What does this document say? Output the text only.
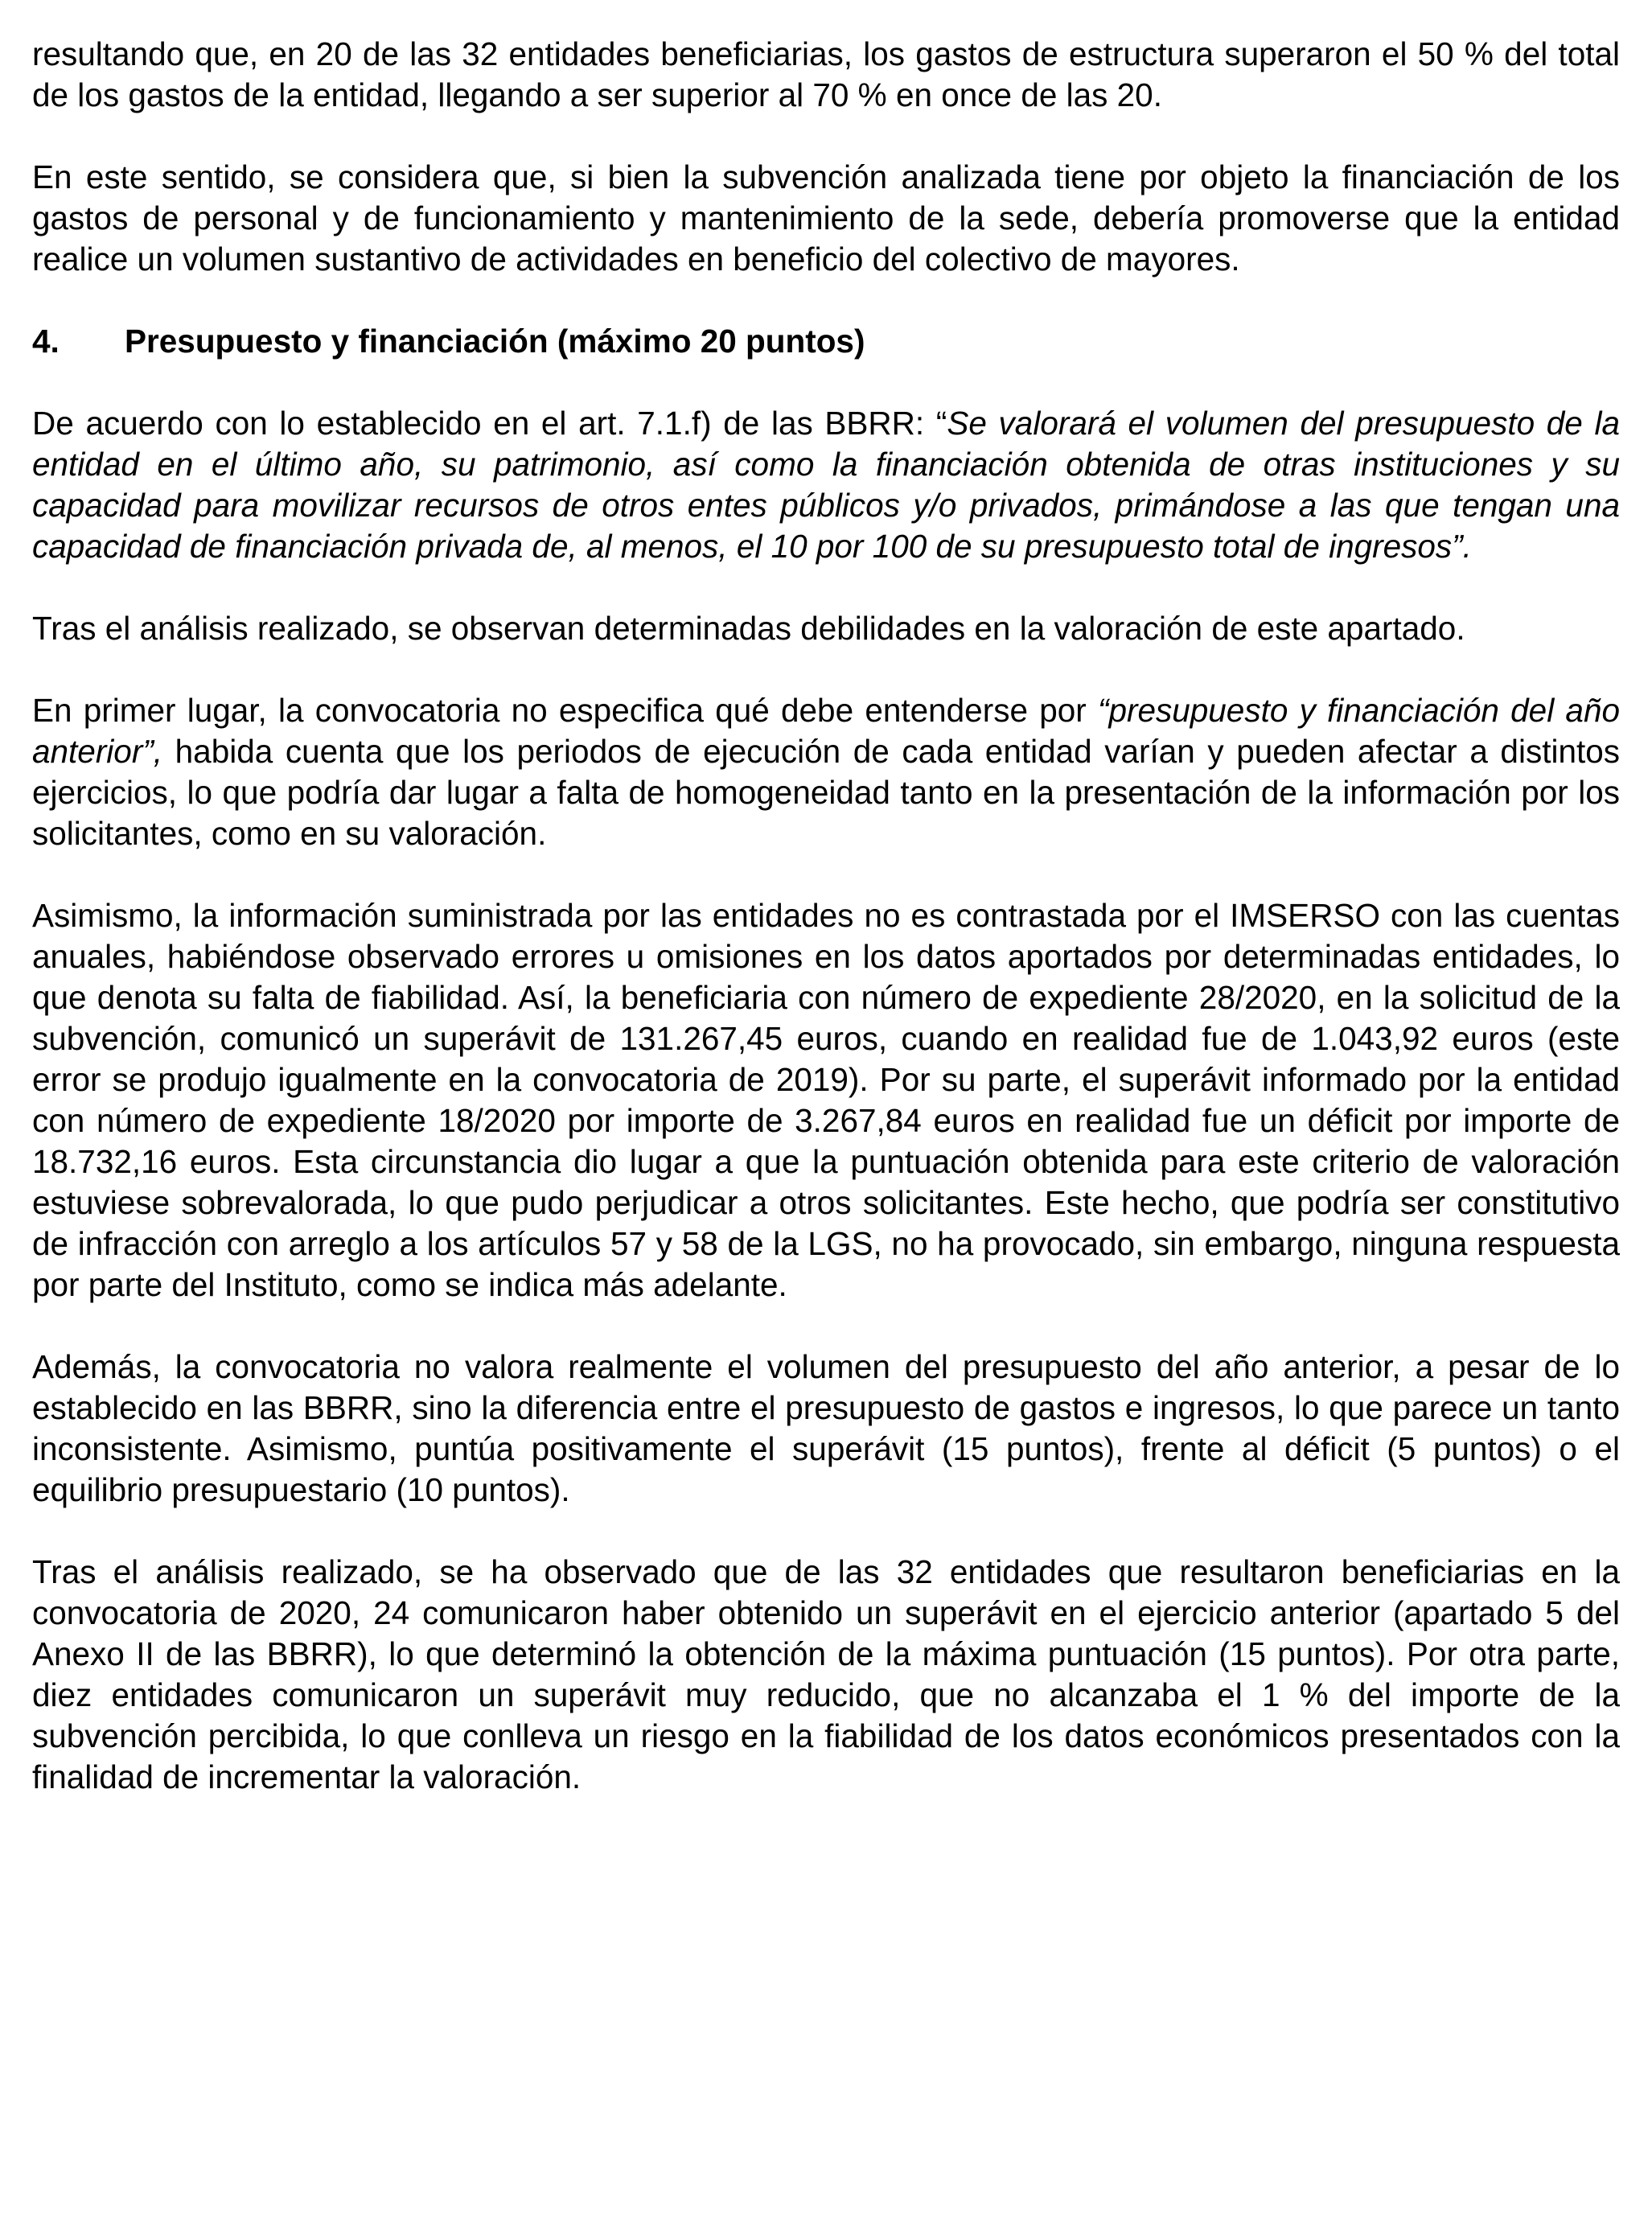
resultando que, en 20 de las 32 entidades beneficiarias, los gastos de estructura superaron el 50 % del total de los gastos de la entidad, llegando a ser superior al 70 % en once de las 20.

En este sentido, se considera que, si bien la subvención analizada tiene por objeto la financiación de los gastos de personal y de funcionamiento y mantenimiento de la sede, debería promoverse que la entidad realice un volumen sustantivo de actividades en beneficio del colectivo de mayores.

4.	Presupuesto y financiación (máximo 20 puntos)

De acuerdo con lo establecido en el art. 7.1.f) de las BBRR: “Se valorará el volumen del presupuesto de la entidad en el último año, su patrimonio, así como la financiación obtenida de otras instituciones y su capacidad para movilizar recursos de otros entes públicos y/o privados, primándose a las que tengan una capacidad de financiación privada de, al menos, el 10 por 100 de su presupuesto total de ingresos”.

Tras el análisis realizado, se observan determinadas debilidades en la valoración de este apartado.

En primer lugar, la convocatoria no especifica qué debe entenderse por “presupuesto y financiación del año anterior”, habida cuenta que los periodos de ejecución de cada entidad varían y pueden afectar a distintos ejercicios, lo que podría dar lugar a falta de homogeneidad tanto en la presentación de la información por los solicitantes, como en su valoración.

Asimismo, la información suministrada por las entidades no es contrastada por el IMSERSO con las cuentas anuales, habiéndose observado errores u omisiones en los datos aportados por determinadas entidades, lo que denota su falta de fiabilidad. Así, la beneficiaria con número de expediente 28/2020, en la solicitud de la subvención, comunicó un superávit de 131.267,45 euros, cuando en realidad fue de 1.043,92 euros (este error se produjo igualmente en la convocatoria de 2019). Por su parte, el superávit informado por la entidad con número de expediente 18/2020 por importe de 3.267,84 euros en realidad fue un déficit por importe de 18.732,16 euros. Esta circunstancia dio lugar a que la puntuación obtenida para este criterio de valoración estuviese sobrevalorada, lo que pudo perjudicar a otros solicitantes. Este hecho, que podría ser constitutivo de infracción con arreglo a los artículos 57 y 58 de la LGS, no ha provocado, sin embargo, ninguna respuesta por parte del Instituto, como se indica más adelante.

Además, la convocatoria no valora realmente el volumen del presupuesto del año anterior, a pesar de lo establecido en las BBRR, sino la diferencia entre el presupuesto de gastos e ingresos, lo que parece un tanto inconsistente. Asimismo, puntúa positivamente el superávit (15 puntos), frente al déficit (5 puntos) o el equilibrio presupuestario (10 puntos).

Tras el análisis realizado, se ha observado que de las 32 entidades que resultaron beneficiarias en la convocatoria de 2020, 24 comunicaron haber obtenido un superávit en el ejercicio anterior (apartado 5 del Anexo II de las BBRR), lo que determinó la obtención de la máxima puntuación (15 puntos). Por otra parte, diez entidades comunicaron un superávit muy reducido, que no alcanzaba el 1 % del importe de la subvención percibida, lo que conlleva un riesgo en la fiabilidad de los datos económicos presentados con la finalidad de incrementar la valoración.
